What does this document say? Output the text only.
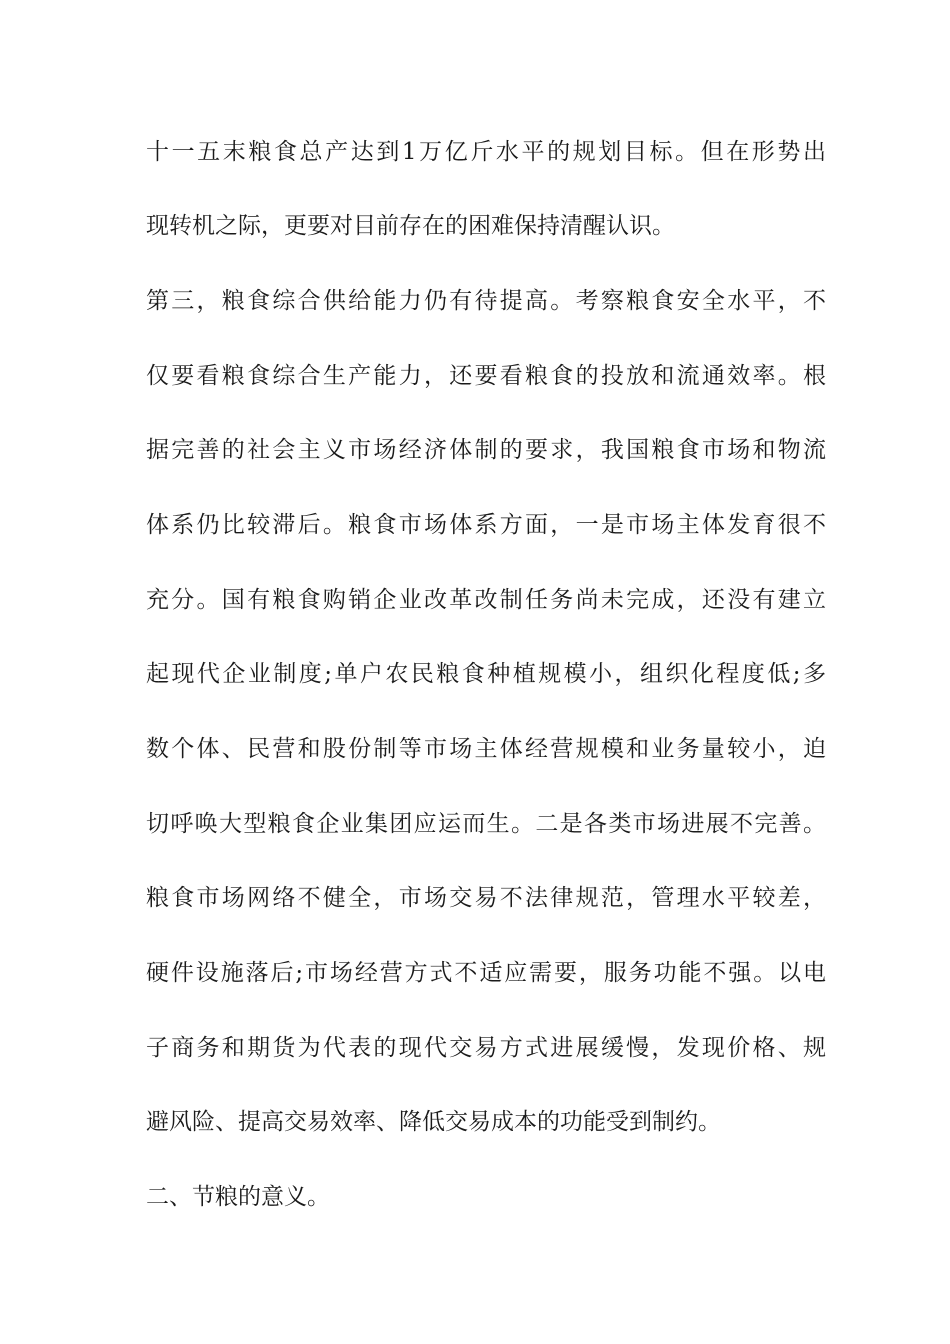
十一五末粮食总产达到1万亿斤水平的规划目标。但在形势出
现转机之际，更要对目前存在的困难保持清醒认识。
第三，粮食综合供给能力仍有待提高。考察粮食安全水平，不
仅要看粮食综合生产能力，还要看粮食的投放和流通效率。根
据完善的社会主义市场经济体制的要求，我国粮食市场和物流
体系仍比较滞后。粮食市场体系方面，一是市场主体发育很不
充分。国有粮食购销企业改革改制任务尚未完成，还没有建立
起现代企业制度;单户农民粮食种植规模小，组织化程度低;多
数个体、民营和股份制等市场主体经营规模和业务量较小，迫
切呼唤大型粮食企业集团应运而生。二是各类市场进展不完善。
粮食市场网络不健全，市场交易不法律规范，管理水平较差，
硬件设施落后;市场经营方式不适应需要，服务功能不强。以电
子商务和期货为代表的现代交易方式进展缓慢，发现价格、规
避风险、提高交易效率、降低交易成本的功能受到制约。
二、节粮的意义。
